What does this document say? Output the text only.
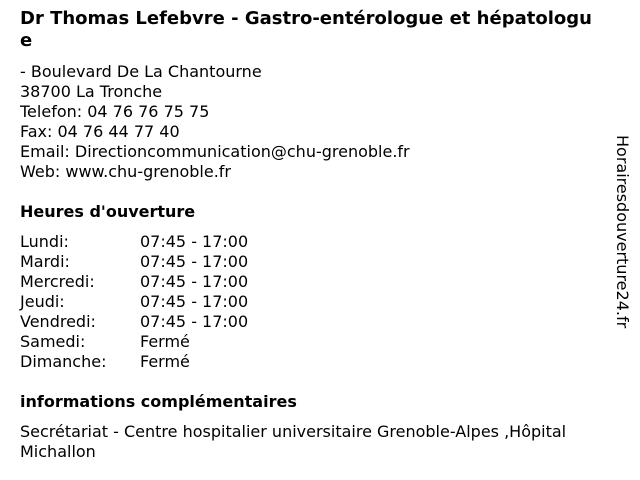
Dr Thomas Lefebvre - Gastro-entérologue et hépatologue
- Boulevard De La Chantourne
38700 La Tronche
Telefon: 04 76 76 75 75
Fax: 04 76 44 77 40
Email: Directioncommunication@chu-grenoble.fr
Web: www.chu-grenoble.fr
Heures d'ouverture
Lundi:	07:45 - 17:00
Mardi:	07:45 - 17:00
Mercredi:	07:45 - 17:00
Jeudi:	07:45 - 17:00
Vendredi:	07:45 - 17:00
Samedi:	Fermé
Dimanche:	Fermé
informations complémentaires
Secrétariat - Centre hospitalier universitaire Grenoble-Alpes ,Hôpital Michallon
Horairesdouverture24.fr
